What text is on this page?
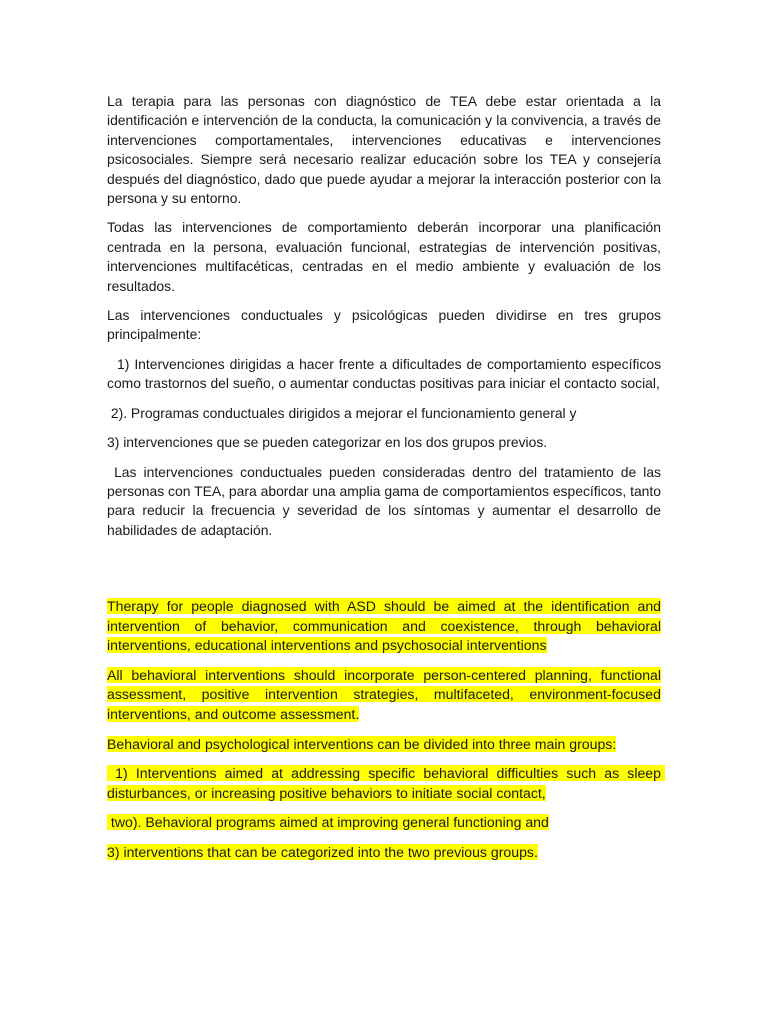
La terapia para las personas con diagnóstico de TEA debe estar orientada a la identificación e intervención de la conducta, la comunicación y la convivencia, a través de intervenciones comportamentales, intervenciones educativas e intervenciones psicosociales. Siempre será necesario realizar educación sobre los TEA y consejería después del diagnóstico, dado que puede ayudar a mejorar la interacción posterior con la persona y su entorno.

Todas las intervenciones de comportamiento deberán incorporar una planificación centrada en la persona, evaluación funcional, estrategias de intervención positivas, intervenciones multifacéticas, centradas en el medio ambiente y evaluación de los resultados.

Las intervenciones conductuales y psicológicas pueden dividirse en tres grupos principalmente:

1) Intervenciones dirigidas a hacer frente a dificultades de comportamiento específicos como trastornos del sueño, o aumentar conductas positivas para iniciar el contacto social,

2). Programas conductuales dirigidos a mejorar el funcionamiento general y

3) intervenciones que se pueden categorizar en los dos grupos previos.

Las intervenciones conductuales pueden consideradas dentro del tratamiento de las personas con TEA, para abordar una amplia gama de comportamientos específicos, tanto para reducir la frecuencia y severidad de los síntomas y aumentar el desarrollo de habilidades de adaptación.

Therapy for people diagnosed with ASD should be aimed at the identification and intervention of behavior, communication and coexistence, through behavioral interventions, educational interventions and psychosocial interventions

All behavioral interventions should incorporate person-centered planning, functional assessment, positive intervention strategies, multifaceted, environment-focused interventions, and outcome assessment.

Behavioral and psychological interventions can be divided into three main groups:

1) Interventions aimed at addressing specific behavioral difficulties such as sleep disturbances, or increasing positive behaviors to initiate social contact,

two). Behavioral programs aimed at improving general functioning and

3) interventions that can be categorized into the two previous groups.
